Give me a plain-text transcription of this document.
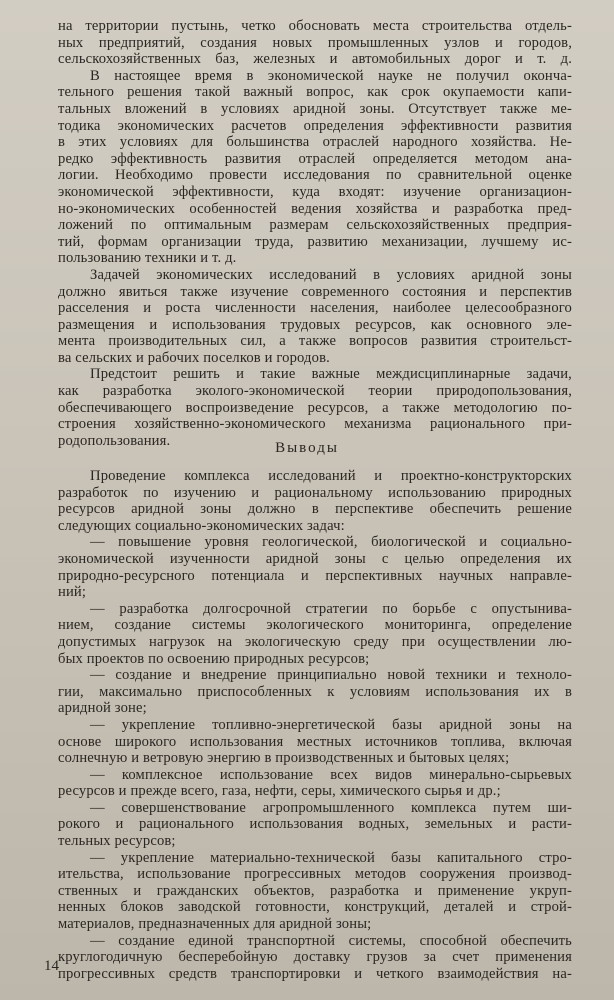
на территории пустынь, четко обосновать места строительства отдель-
ных предприятий, создания новых промышленных узлов и городов,
сельскохозяйственных баз, железных и автомобильных дорог и т. д.
В настоящее время в экономической науке не получил окончa-
тельного решения такой важный вопрос, как срок окупаемости капи-
тальных вложений в условиях аридной зоны. Отсутствует также ме-
тодика экономических расчетов определения эффективности развития
в этих условиях для большинства отраслей народного хозяйства. Не-
редко эффективность развития отраслей определяется методом ана-
логии. Необходимо провести исследования по сравнительной оценке
экономической эффективности, куда входят: изучение организацион-
но-экономических особенностей ведения хозяйства и разработка пред-
ложений по оптимальным размерам сельскохозяйственных предприя-
тий, формам организации труда, развитию механизации, лучшему ис-
пользованию техники и т. д.
Задачей экономических исследований в условиях аридной зоны
должно явиться также изучение современного состояния и перспектив
расселения и роста численности населения, наиболее целесообразного
размещения и использования трудовых ресурсов, как основного эле-
мента производительных сил, а также вопросов развития строительст-
ва сельских и рабочих поселков и городов.
Предстоит решить и такие важные междисциплинарные задачи,
как разработка эколого-экономической теории природопользования,
обеспечивающего воспроизведение ресурсов, а также методологию по-
строения хозяйственно-экономического механизма рационального при-
родопользования.	Выводы
Проведение комплекса исследований и проектно-конструкторских
разработок по изучению и рациональному использованию природных
ресурсов аридной зоны должно в перспективе обеспечить решение
следующих социально-экономических задач:
— повышение уровня геологической, биологической и социально-
экономической изученности аридной зоны с целью определения их
природно-ресурсного потенциала и перспективных научных направле-
ний;
— разработка долгосрочной стратегии по борьбе с опустынива-
нием, создание системы экологического мониторинга, определение
допустимых нагрузок на экологическую среду при осуществлении лю-
бых проектов по освоению природных ресурсов;
— создание и внедрение принципиально новой техники и техноло-
гии, максимально приспособленных к условиям использования их в
аридной зоне;
— укрепление топливно-энергетической базы аридной зоны на
основе широкого использования местных источников топлива, включая
солнечную и ветровую энергию в производственных и бытовых целях;
— комплексное использование всех видов минерально-сырьевых
ресурсов и прежде всего, газа, нефти, серы, химического сырья и др.;
— совершенствование агропромышленного комплекса путем ши-
рокого и рационального использования водных, земельных и расти-
тельных ресурсов;
— укрепление материально-технической базы капитального стро-
ительства, использование прогрессивных методов сооружения производ-
ственных и гражданских объектов, разработка и применение укруп-
ненных блоков заводской готовности, конструкций, деталей и строй-
материалов, предназначенных для аридной зоны;
— создание единой транспортной системы, способной обеспечить
круглогодичную бесперебойную доставку грузов за счет применения
прогрессивных средств транспортировки и четкого взаимодействия на-
14
